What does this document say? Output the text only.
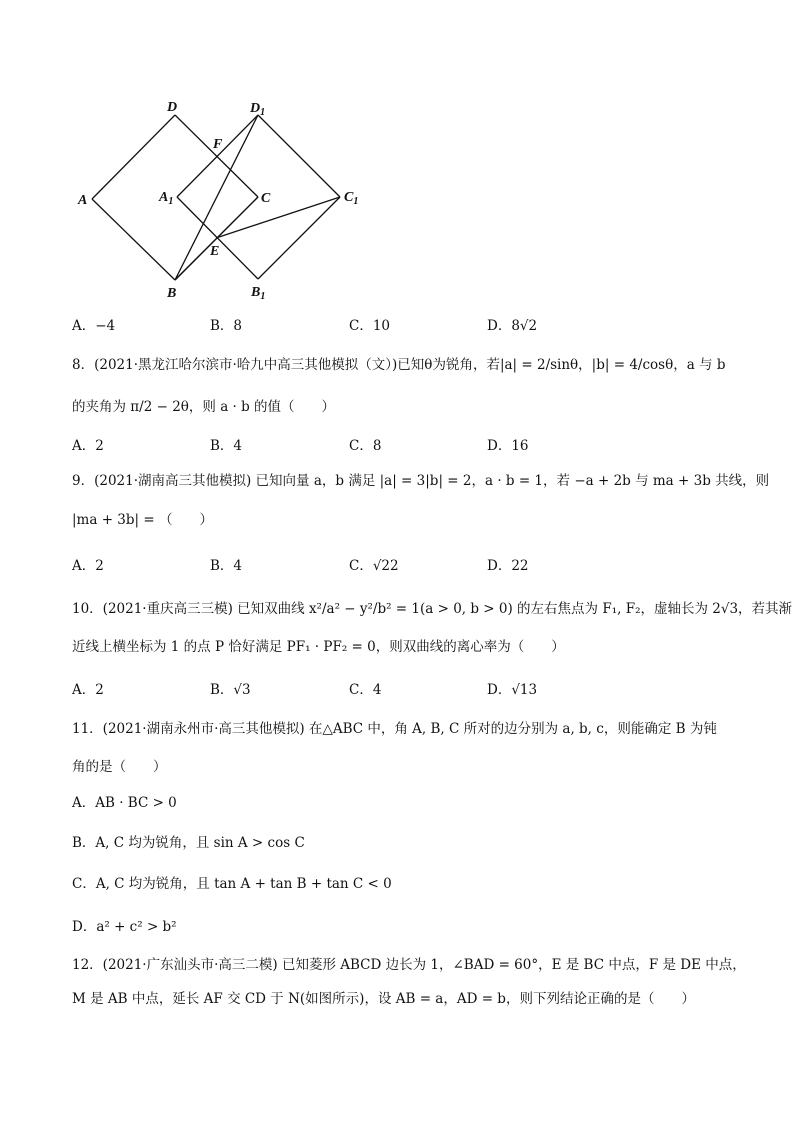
A
D
F
$D_1$
$A_1$	C	$C_1$
E
B	$B_1$
A．−4	B．8	C．10	D．8√2
8．(2021·黑龙江哈尔滨市·哈九中高三其他模拟（文）)已知θ为锐角，若|a| = 2/sinθ，|b| = 4/cosθ，a 与 b
的夹角为 π/2 − 2θ，则 a · b 的值（　　）
A．2	B．4	C．8	D．16
9．(2021·湖南高三其他模拟) 已知向量 a，b 满足 |a| = 3|b| = 2，a · b = 1，若 −a + 2b 与 ma + 3b 共线，则
|ma + 3b| = （　　）
A．2	B．4	C．√22	D．22
10．(2021·重庆高三三模) 已知双曲线 x²/a² − y²/b² = 1(a > 0, b > 0) 的左右焦点为 F₁, F₂，虚轴长为 2√3，若其渐
近线上横坐标为 1 的点 P 恰好满足 PF₁ · PF₂ = 0，则双曲线的离心率为（　　）
A．2	B．√3	C．4	D．√13
11．(2021·湖南永州市·高三其他模拟) 在△ABC 中，角 A, B, C 所对的边分别为 a, b, c，则能确定 B 为钝
角的是（　　）
A．AB · BC > 0
B．A, C 均为锐角，且 sin A > cos C
C．A, C 均为锐角，且 tan A + tan B + tan C < 0
D．a² + c² > b²
12．(2021·广东汕头市·高三二模) 已知菱形 ABCD 边长为 1，∠BAD = 60°，E 是 BC 中点，F 是 DE 中点，
M 是 AB 中点，延长 AF 交 CD 于 N(如图所示)，设 AB = a，AD = b，则下列结论正确的是（　　）
